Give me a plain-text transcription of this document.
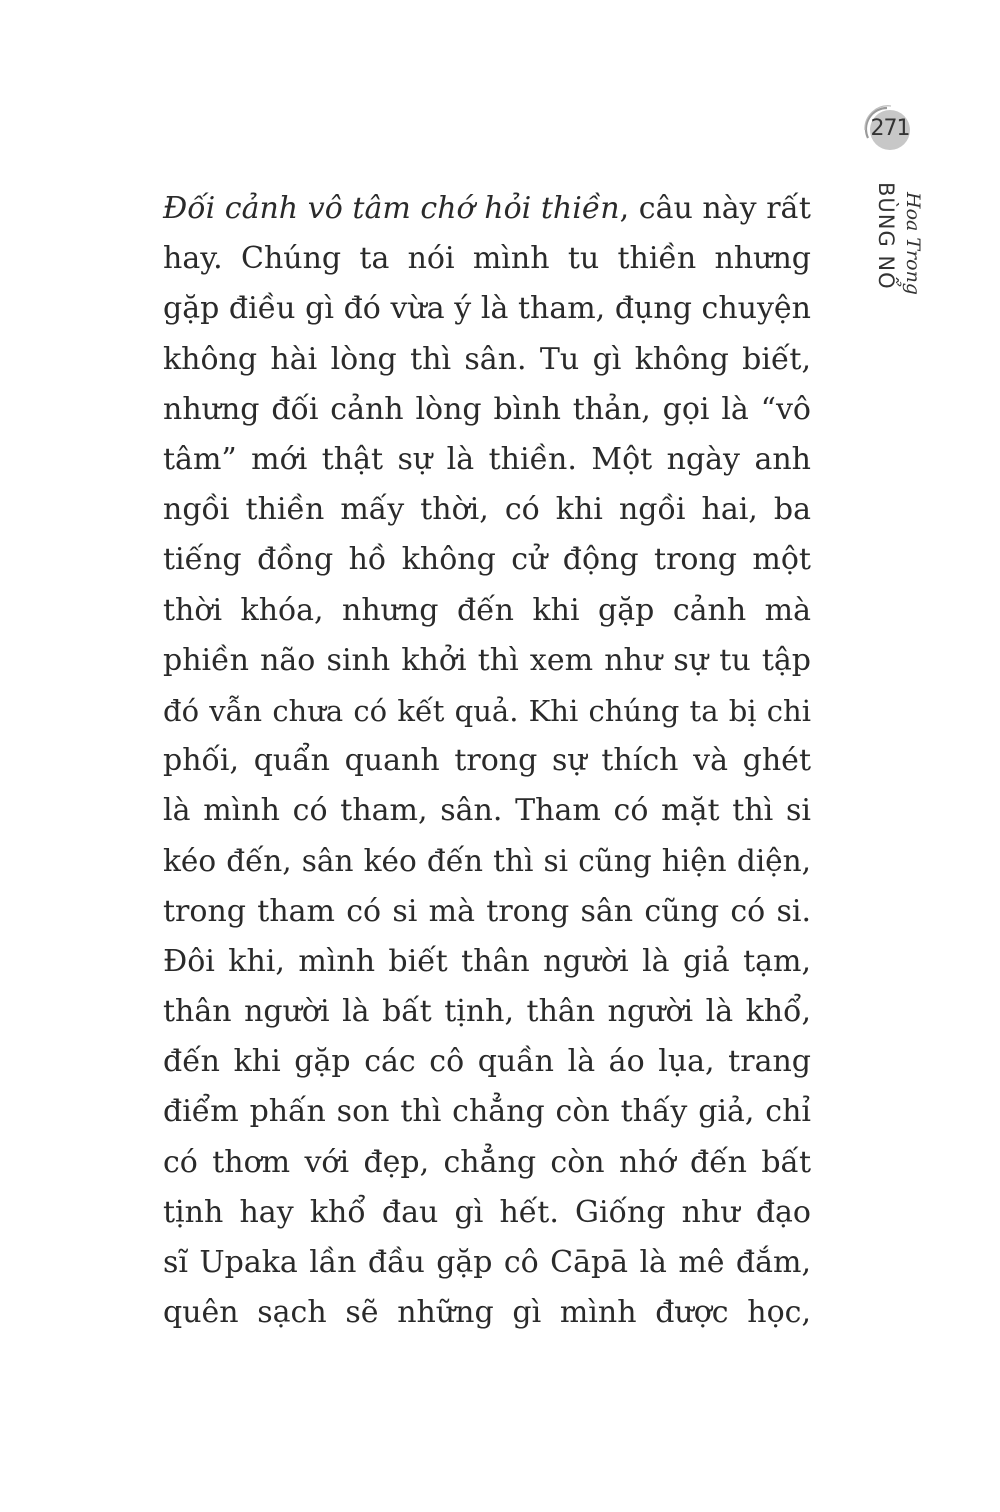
271
Hoa Trong
BÙNG NỔ
Đối cảnh vô tâm chớ hỏi thiền, câu này rất
hay. Chúng ta nói mình tu thiền nhưng
gặp điều gì đó vừa ý là tham, đụng chuyện
không hài lòng thì sân. Tu gì không biết,
nhưng đối cảnh lòng bình thản, gọi là “vô
tâm” mới thật sự là thiền. Một ngày anh
ngồi thiền mấy thời, có khi ngồi hai, ba
tiếng đồng hồ không cử động trong một
thời khóa, nhưng đến khi gặp cảnh mà
phiền não sinh khởi thì xem như sự tu tập
đó vẫn chưa có kết quả. Khi chúng ta bị chi
phối, quẩn quanh trong sự thích và ghét
là mình có tham, sân. Tham có mặt thì si
kéo đến, sân kéo đến thì si cũng hiện diện,
trong tham có si mà trong sân cũng có si.
Đôi khi, mình biết thân người là giả tạm,
thân người là bất tịnh, thân người là khổ,
đến khi gặp các cô quần là áo lụa, trang
điểm phấn son thì chẳng còn thấy giả, chỉ
có thơm với đẹp, chẳng còn nhớ đến bất
tịnh hay khổ đau gì hết. Giống như đạo
sĩ Upaka lần đầu gặp cô Cāpā là mê đắm,
quên sạch sẽ những gì mình được học,
